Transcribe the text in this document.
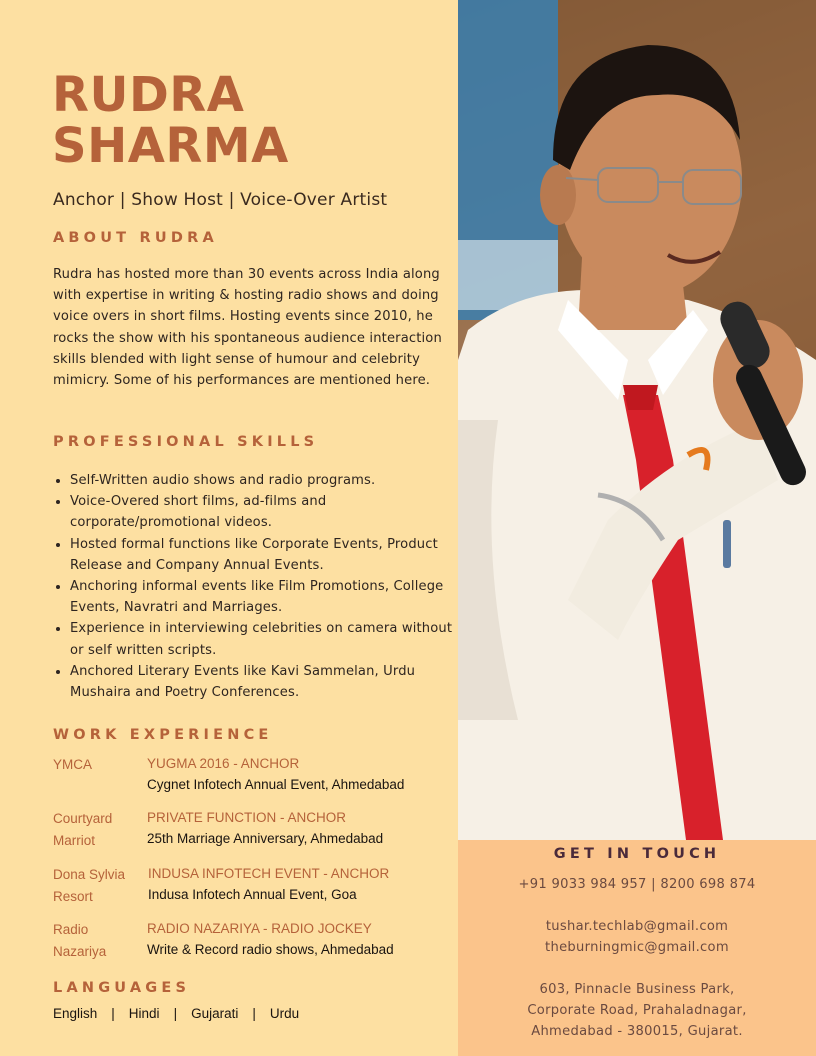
RUDRA
SHARMA
Anchor | Show Host | Voice-Over Artist
ABOUT RUDRA
Rudra has hosted more than 30 events across India along with expertise in writing & hosting radio shows and doing voice overs in short films. Hosting events since 2010, he rocks the show with his spontaneous audience interaction skills blended with light sense of humour and celebrity mimicry. Some of his performances are mentioned here.
PROFESSIONAL SKILLS
• Self-Written audio shows and radio programs.
• Voice-Overed short films, ad-films and corporate/promotional videos.
• Hosted formal functions like Corporate Events, Product Release and Company Annual Events.
• Anchoring informal events like Film Promotions, College Events, Navratri and Marriages.
• Experience in interviewing celebrities on camera without or self written scripts.
• Anchored Literary Events like Kavi Sammelan, Urdu Mushaira and Poetry Conferences.
WORK EXPERIENCE
YMCA	YUGMA 2016 - ANCHOR
Cygnet Infotech Annual Event, Ahmedabad
Courtyard Marriot
PRIVATE FUNCTION - ANCHOR
25th Marriage Anniversary, Ahmedabad
Dona Sylvia Resort
INDUSA INFOTECH EVENT - ANCHOR
Indusa Infotech Annual Event, Goa
Radio Nazariya
RADIO NAZARIYA - RADIO JOCKEY
Write & Record radio shows, Ahmedabad
LANGUAGES
English | Hindi | Gujarati | Urdu
GET IN TOUCH
+91 9033 984 957 | 8200 698 874
tushar.techlab@gmail.com
theburningmic@gmail.com
603, Pinnacle Business Park,
Corporate Road, Prahaladnagar,
Ahmedabad - 380015, Gujarat.
